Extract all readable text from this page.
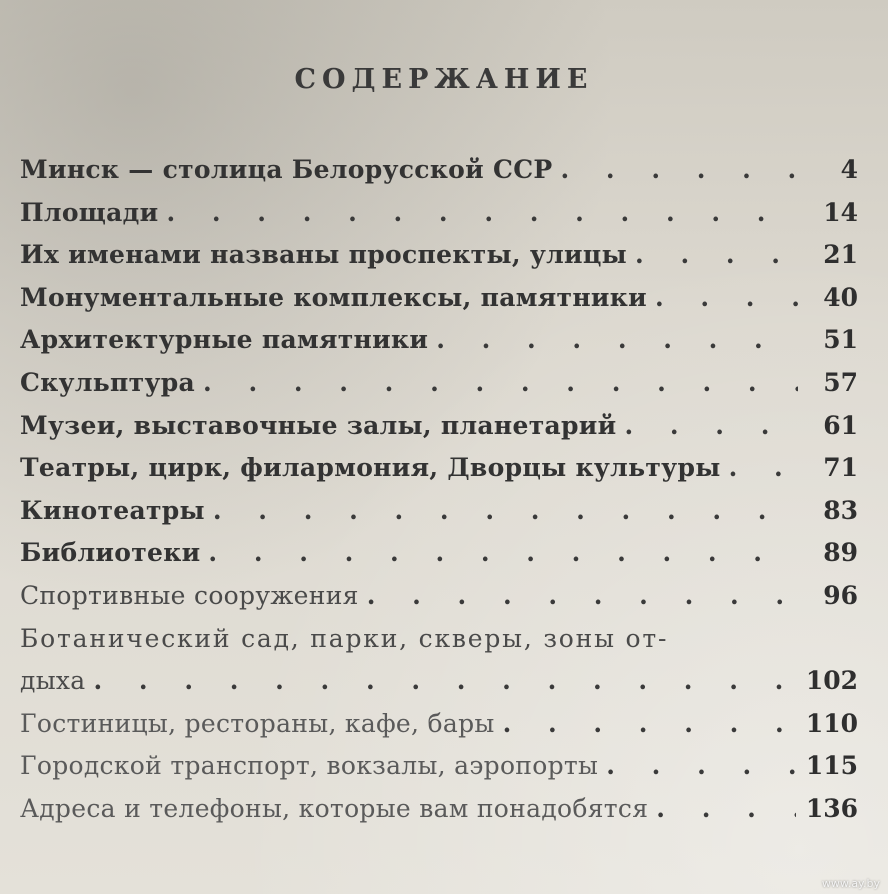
СОДЕРЖАНИЕ
Минск — столица Белорусской ССР . . .	4
Площади . . .	14
Их именами названы проспекты, улицы . . .	21
Монументальные комплексы, памятники . . .	40
Архитектурные памятники . . .	51
Скульптура . . .	57
Музеи, выставочные залы, планетарий . . .	61
Театры, цирк, филармония, Дворцы культуры . . .	71
Кинотеатры . . .	83
Библиотеки . . .	89
Спортивные сооружения . . .	96
Ботанический сад, парки, скверы, зоны от-
дыха . . .	102
Гостиницы, рестораны, кафе, бары . . .	110
Городской транспорт, вокзалы, аэропорты . . .	115
Адреса и телефоны, которые вам понадобятся . . .	136
www.ay.by
